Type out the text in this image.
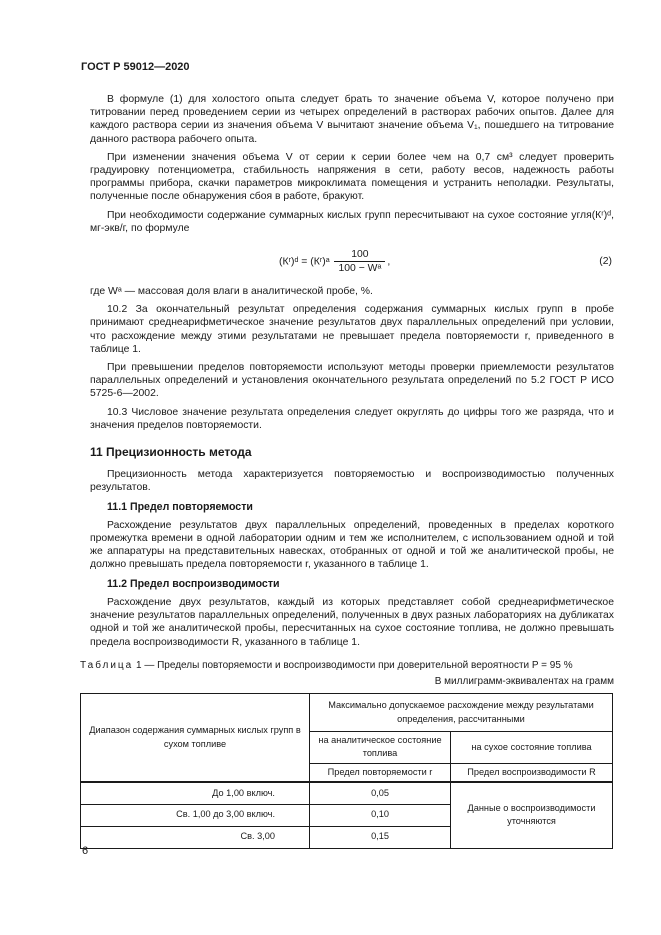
ГОСТ Р 59012—2020

В формуле (1) для холостого опыта следует брать то значение объема V, которое получено при титровании перед проведением серии из четырех определений в растворах рабочих опытов. Далее для каждого раствора серии из значения объема V вычитают значение объема V₁, пошедшего на титрование данного раствора рабочего опыта.

При изменении значения объема V от серии к серии более чем на 0,7 см³ следует проверить градуировку потенциометра, стабильность напряжения в сети, работу весов, надежность работы программы прибора, скачки параметров микроклимата помещения и устранить неполадки. Результаты, полученные после обнаружения сбоя в работе, бракуют.

При необходимости содержание суммарных кислых групп пересчитывают на сухое состояние угля(Кʳ)ᵈ, мг-экв/г, по формуле

(Кʳ)ᵈ = (Кʳ)ᵃ $\frac{100}{\text{100 − Wᵃ}}$ ,	(2)

где Wᵃ — массовая доля влаги в аналитической пробе, %.

10.2 За окончательный результат определения содержания суммарных кислых групп в пробе принимают среднеарифметическое значение результатов двух параллельных определений при условии, что расхождение между этими результатами не превышает предела повторяемости r, приведенного в таблице 1.

При превышении пределов повторяемости используют методы проверки приемлемости результатов параллельных определений и установления окончательного результата определений по 5.2 ГОСТ Р ИСО 5725-6—2002.

10.3 Числовое значение результата определения следует округлять до цифры того же разряда, что и значения пределов повторяемости.

11 Прецизионность метода

Прецизионность метода характеризуется повторяемостью и воспроизводимостью полученных результатов.

11.1 Предел повторяемости

Расхождение результатов двух параллельных определений, проведенных в пределах короткого промежутка времени в одной лаборатории одним и тем же исполнителем, с использованием одной и той же аппаратуры на представительных навесках, отобранных от одной и той же аналитической пробы, не должно превышать предела повторяемости r, указанного в таблице 1.

11.2 Предел воспроизводимости

Расхождение двух результатов, каждый из которых представляет собой среднеарифметическое значение результатов параллельных определений, полученных в двух разных лабораториях на дубликатах одной и той же аналитической пробы, пересчитанных на сухое состояние топлива, не должно превышать предела воспроизводимости R, указанного в таблице 1.

Таблица 1 — Пределы повторяемости и воспроизводимости при доверительной вероятности P = 95 %
В миллиграмм-эквивалентах на грамм
Диапазон содержания суммарных кислых групп в сухом топливе	Максимально допускаемое расхождение между результатами определения, рассчитанными	
	на аналитическое состояние топлива	на сухое состояние топлива
	Предел повторяемости r	Предел воспроизводимости R
До 1,00 включ.	0,05	Данные о воспроизводимости уточняются
Св. 1,00 до 3,00 включ.	0,10	
Св. 3,00	0,15	
6
